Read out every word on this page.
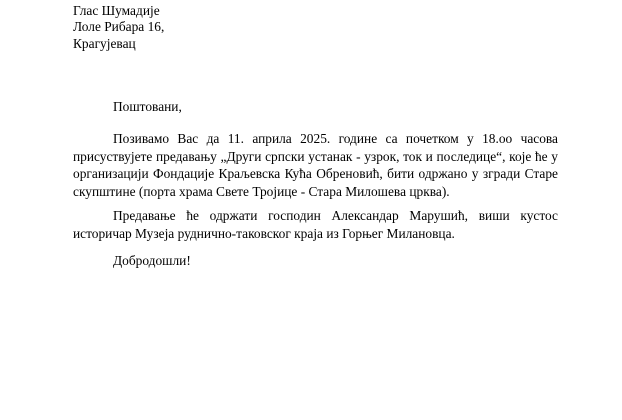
Глас Шумадије
Лоле Рибара 16,
Крагујевац
Поштовани,

Позивамо Вас да 11. априла 2025. године са почетком у 18.оо часова присуствујете предавању „Други српски устанак - узрок, ток и последице“, које ће у организацији Фондације Краљевска Кућа Обреновић, бити одржано у згради Старе скупштине (порта храма Свете Тројице - Стара Милошева црква).

Предавање ће одржати господин Александар Марушић, виши кустос историчар Музеја руднично-таковског краја из Горњег Милановца.

Добродошли!
